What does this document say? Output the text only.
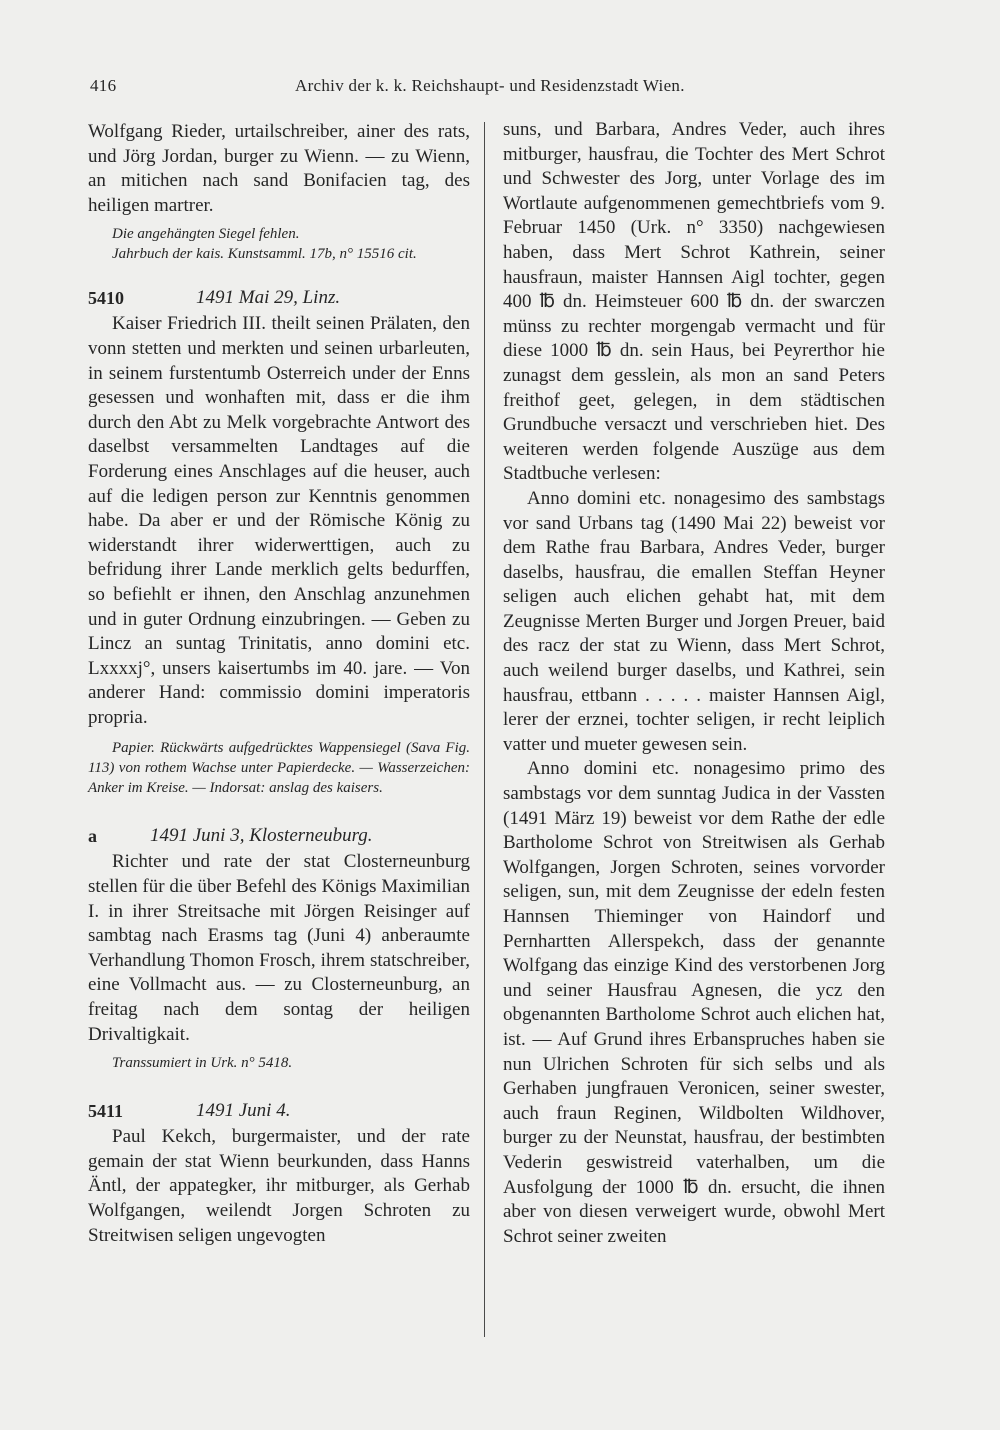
416	Archiv der k. k. Reichshaupt- und Residenzstadt Wien.

Wolfgang Rieder, urtailschreiber, ainer des rats, und Jörg Jordan, burger zu Wienn. — zu Wienn, an mitichen nach sand Bonifacien tag, des heiligen martrer.

Die angehängten Siegel fehlen.

Jahrbuch der kais. Kunstsamml. 17b, n° 15516 cit.

5410	1491 Mai 29, Linz.

Kaiser Friedrich III. theilt seinen Prälaten, den vonn stetten und merkten und seinen urbarleuten, in seinem furstentumb Osterreich under der Enns gesessen und wonhaften mit, dass er die ihm durch den Abt zu Melk vorgebrachte Antwort des daselbst versammelten Landtages auf die Forderung eines Anschlages auf die heuser, auch auf die ledigen person zur Kenntnis genommen habe. Da aber er und der Römische König zu widerstandt ihrer widerwerttigen, auch zu befridung ihrer Lande merklich gelts bedurffen, so befiehlt er ihnen, den Anschlag anzunehmen und in guter Ordnung einzubringen. — Geben zu Lincz an suntag Trinitatis, anno domini etc. Lxxxxj°, unsers kaisertumbs im 40. jare. — Von anderer Hand: commissio domini imperatoris propria.

Papier. Rückwärts aufgedrücktes Wappensiegel (Sava Fig. 113) von rothem Wachse unter Papierdecke. — Wasserzeichen: Anker im Kreise. — Indorsat: anslag des kaisers.

a	1491 Juni 3, Klosterneuburg.

Richter und rate der stat Closterneunburg stellen für die über Befehl des Königs Maximilian I. in ihrer Streitsache mit Jörgen Reisinger auf sambtag nach Erasms tag (Juni 4) anberaumte Verhandlung Thomon Frosch, ihrem statschreiber, eine Vollmacht aus. — zu Closterneunburg, an freitag nach dem sontag der heiligen Drivaltigkait.

Transsumiert in Urk. n° 5418.

5411	1491 Juni 4.

Paul Kekch, burgermaister, und der rate gemain der stat Wienn beurkunden, dass Hanns Äntl, der appategker, ihr mitburger, als Gerhab Wolfgangen, weilendt Jorgen Schroten zu Streitwisen seligen ungevogten

suns, und Barbara, Andres Veder, auch ihres mitburger, hausfrau, die Tochter des Mert Schrot und Schwester des Jorg, unter Vorlage des im Wortlaute aufgenommenen gemechtbriefs vom 9. Februar 1450 (Urk. n° 3350) nachgewiesen haben, dass Mert Schrot Kathrein, seiner hausfraun, maister Hannsen Aigl tochter, gegen 400 ℔ dn. Heimsteuer 600 ℔ dn. der swarczen münss zu rechter morgengab vermacht und für diese 1000 ℔ dn. sein Haus, bei Peyrerthor hie zunagst dem gesslein, als mon an sand Peters freithof geet, gelegen, in dem städtischen Grundbuche versaczt und verschrieben hiet. Des weiteren werden folgende Auszüge aus dem Stadtbuche verlesen:

Anno domini etc. nonagesimo des sambstags vor sand Urbans tag (1490 Mai 22) beweist vor dem Rathe frau Barbara, Andres Veder, burger daselbs, hausfrau, die emallen Steffan Heyner seligen auch elichen gehabt hat, mit dem Zeugnisse Merten Burger und Jorgen Preuer, baid des racz der stat zu Wienn, dass Mert Schrot, auch weilend burger daselbs, und Kathrei, sein hausfrau, ettbann . . . . . maister Hannsen Aigl, lerer der erznei, tochter seligen, ir recht leiplich vatter und mueter gewesen sein.

Anno domini etc. nonagesimo primo des sambstags vor dem sunntag Judica in der Vassten (1491 März 19) beweist vor dem Rathe der edle Bartholome Schrot von Streitwisen als Gerhab Wolfgangen, Jorgen Schroten, seines vorvorder seligen, sun, mit dem Zeugnisse der edeln festen Hannsen Thieminger von Haindorf und Pernhartten Allerspekch, dass der genannte Wolfgang das einzige Kind des verstorbenen Jorg und seiner Hausfrau Agnesen, die ycz den obgenannten Bartholome Schrot auch elichen hat, ist. — Auf Grund ihres Erbanspruches haben sie nun Ulrichen Schroten für sich selbs und als Gerhaben jungfrauen Veronicen, seiner swester, auch fraun Reginen, Wildbolten Wildhover, burger zu der Neunstat, hausfrau, der bestimbten Vederin geswistreid vaterhalben, um die Ausfolgung der 1000 ℔ dn. ersucht, die ihnen aber von diesen verweigert wurde, obwohl Mert Schrot seiner zweiten
